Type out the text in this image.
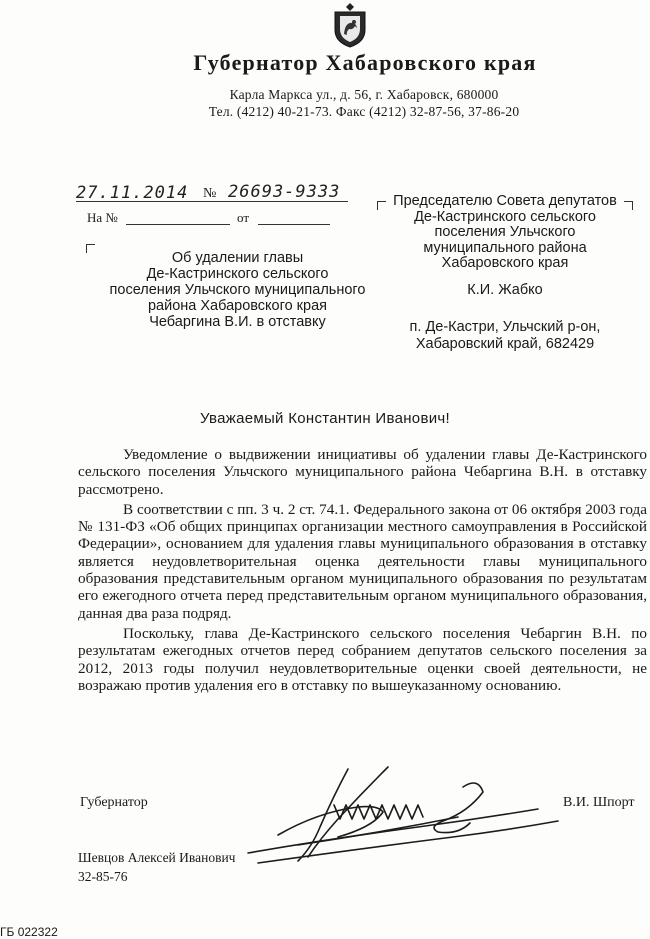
Губернатор Хабаровского края
Карла Маркса ул., д. 56, г. Хабаровск, 680000
Тел. (4212) 40-21-73. Факс (4212) 32-87-56, 37-86-20
27.11.2014 № 26693-9333
На №	от
Об удалении главы
Де-Кастринского сельского
поселения Ульчского муниципального
района Хабаровского края
Чебаргина В.И. в отставку
Председателю Совета депутатов
Де-Кастринского сельского
поселения Ульчского
муниципального района
Хабаровского края
К.И. Жабко
п. Де-Кастри, Ульчский р-он,
Хабаровский край, 682429
Уважаемый Константин Иванович!

Уведомление о выдвижении инициативы об удалении главы Де-Кастринского сельского поселения Ульчского муниципального района Чебаргина В.Н. в отставку рассмотрено.

В соответствии с пп. 3 ч. 2 ст. 74.1. Федерального закона от 06 октября 2003 года № 131-ФЗ «Об общих принципах организации местного самоуправления в Российской Федерации», основанием для удаления главы муниципального образования в отставку является неудовлетворительная оценка деятельности главы муниципального образования представительным органом муниципального образования по результатам его ежегодного отчета перед представительным органом муниципального образования, данная два раза подряд.

Поскольку, глава Де-Кастринского сельского поселения Чебаргин В.Н. по результатам ежегодных отчетов перед собранием депутатов сельского поселения за 2012, 2013 годы получил неудовлетворительные оценки своей деятельности, не возражаю против удаления его в отставку по вышеуказанному основанию.

Губернатор	В.И. Шпорт
Шевцов Алексей Иванович
32-85-76
ГБ 022322
